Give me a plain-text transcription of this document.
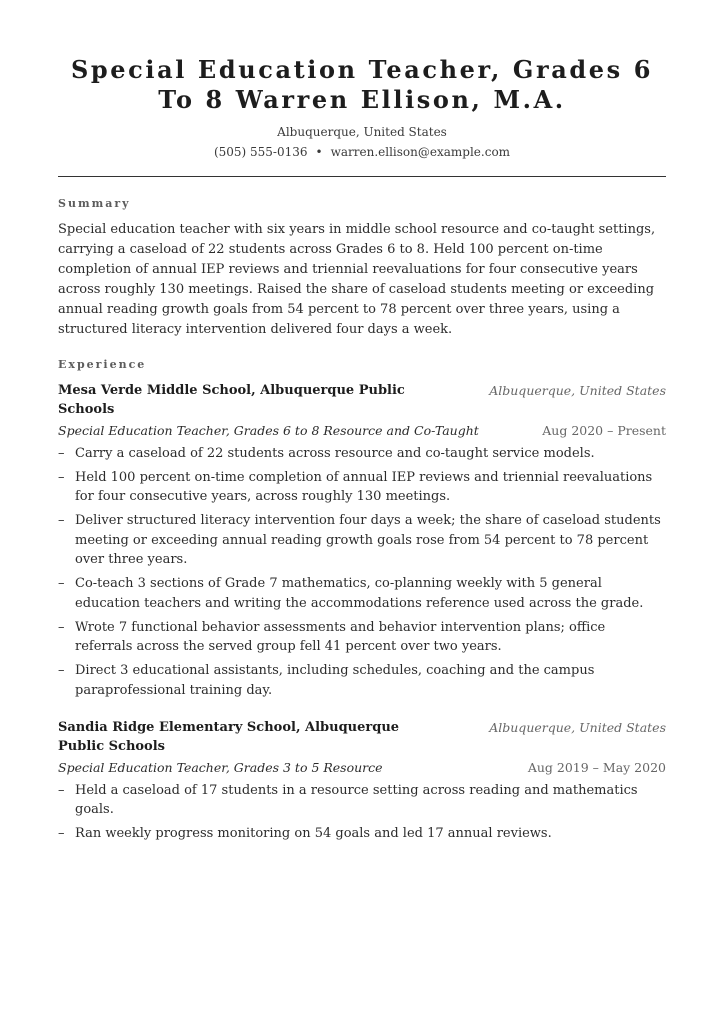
Special Education Teacher, Grades 6 To 8 Warren Ellison, M.A.
Albuquerque, United States
(505) 555-0136 • warren.ellison@example.com
Summary
Special education teacher with six years in middle school resource and co-taught settings, carrying a caseload of 22 students across Grades 6 to 8. Held 100 percent on-time completion of annual IEP reviews and triennial reevaluations for four consecutive years across roughly 130 meetings. Raised the share of caseload students meeting or exceeding annual reading growth goals from 54 percent to 78 percent over three years, using a structured literacy intervention delivered four days a week.
Experience
Mesa Verde Middle School, Albuquerque Public Schools
Albuquerque, United States
Special Education Teacher, Grades 6 to 8 Resource and Co-Taught	Aug 2020 – Present
– Carry a caseload of 22 students across resource and co-taught service models.
– Held 100 percent on-time completion of annual IEP reviews and triennial reevaluations for four consecutive years, across roughly 130 meetings.
– Deliver structured literacy intervention four days a week; the share of caseload students meeting or exceeding annual reading growth goals rose from 54 percent to 78 percent over three years.
– Co-teach 3 sections of Grade 7 mathematics, co-planning weekly with 5 general education teachers and writing the accommodations reference used across the grade.
– Wrote 7 functional behavior assessments and behavior intervention plans; office referrals across the served group fell 41 percent over two years.
– Direct 3 educational assistants, including schedules, coaching and the campus paraprofessional training day.
Sandia Ridge Elementary School, Albuquerque Public Schools
Albuquerque, United States
Special Education Teacher, Grades 3 to 5 Resource	Aug 2019 – May 2020
– Held a caseload of 17 students in a resource setting across reading and mathematics goals.
– Ran weekly progress monitoring on 54 goals and led 17 annual reviews.
